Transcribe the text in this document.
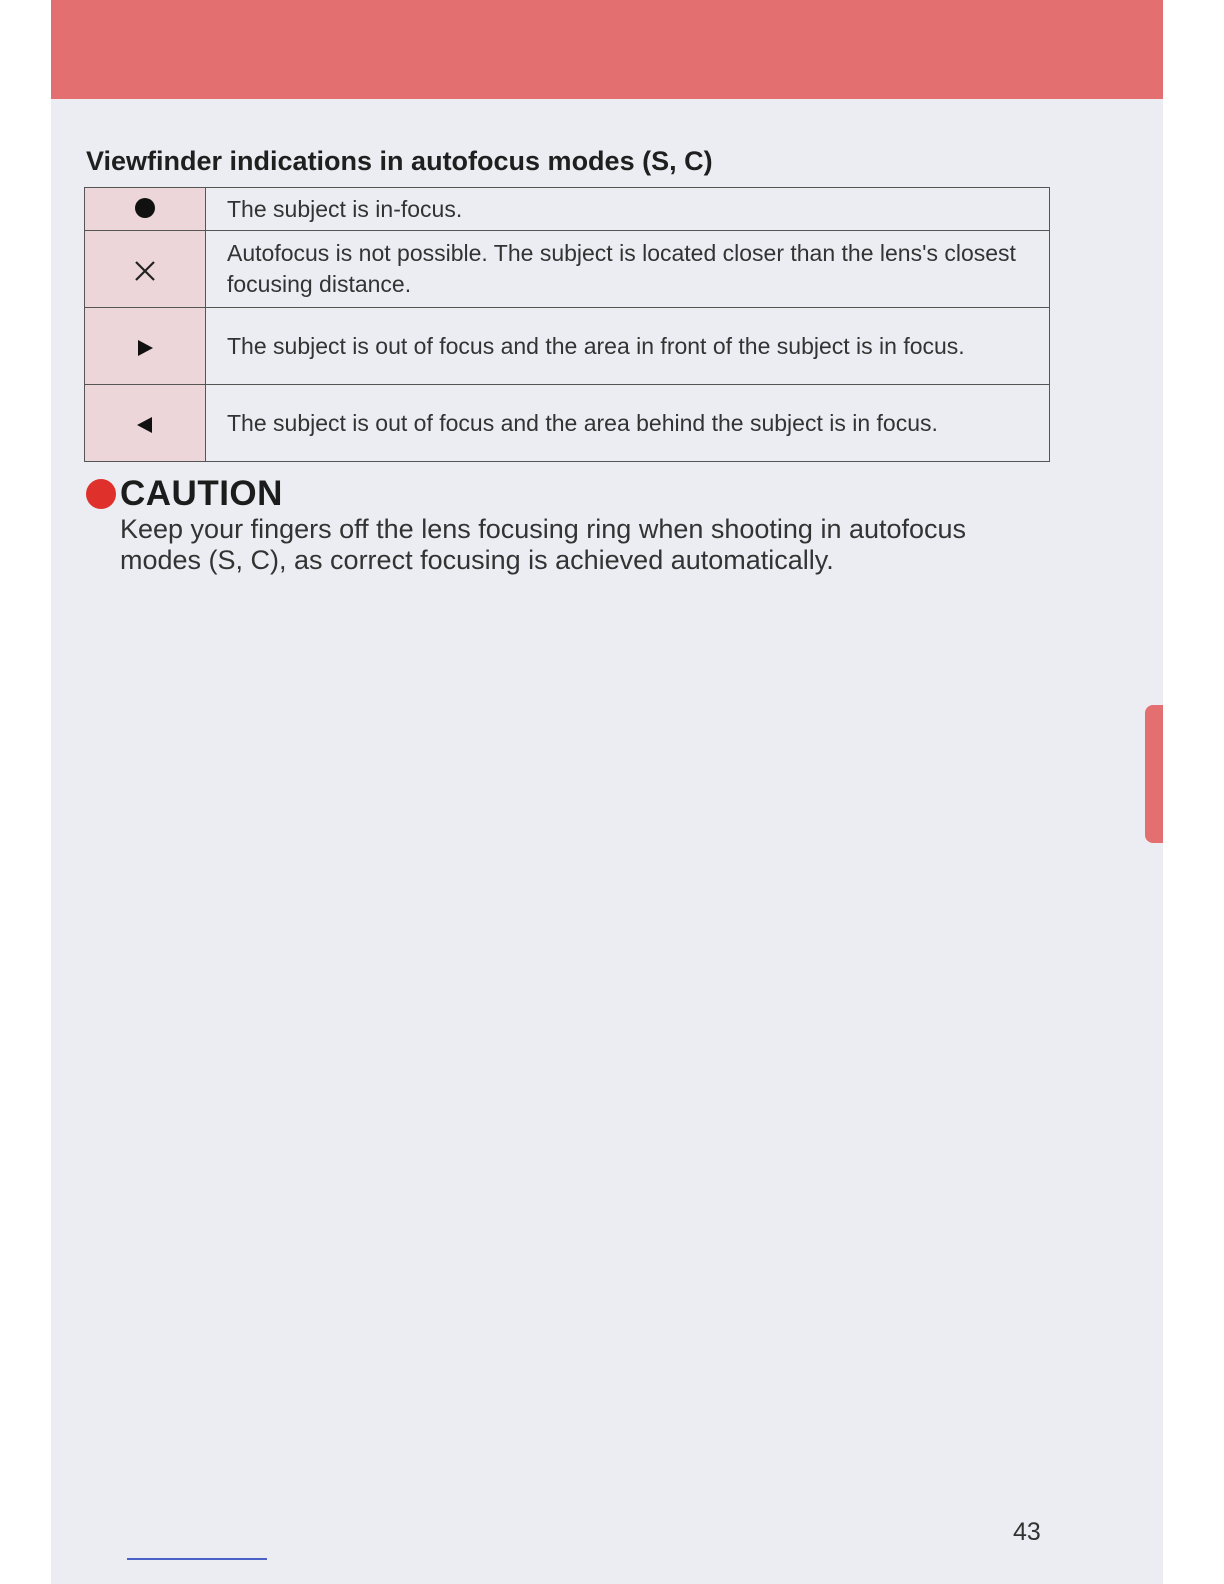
Viewfinder indications in autofocus modes (S, C)
	The subject is in-focus.
	Autofocus is not possible. The subject is located closer than the lens's closest focusing distance.
	The subject is out of focus and the area in front of the subject is in focus.
	The subject is out of focus and the area behind the subject is in focus.
CAUTION

Keep your fingers off the lens focusing ring when shooting in autofocus modes (S, C), as correct focusing is achieved automatically.

43
